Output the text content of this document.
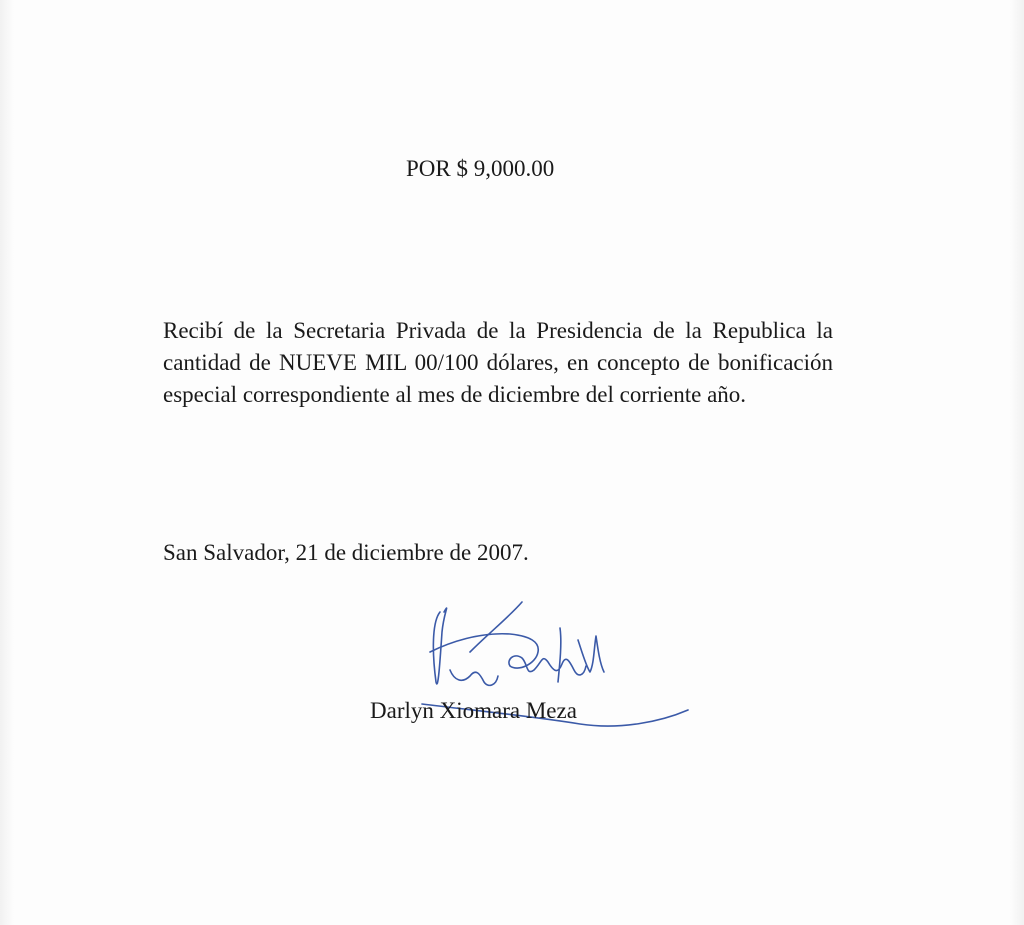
POR $ 9,000.00
Recibí de la Secretaria Privada de la Presidencia de la Republica la cantidad de NUEVE MIL 00/100 dólares, en concepto de bonificación especial correspondiente al mes de diciembre del corriente año.
San Salvador, 21 de diciembre de 2007.
Darlyn Xiomara Meza
